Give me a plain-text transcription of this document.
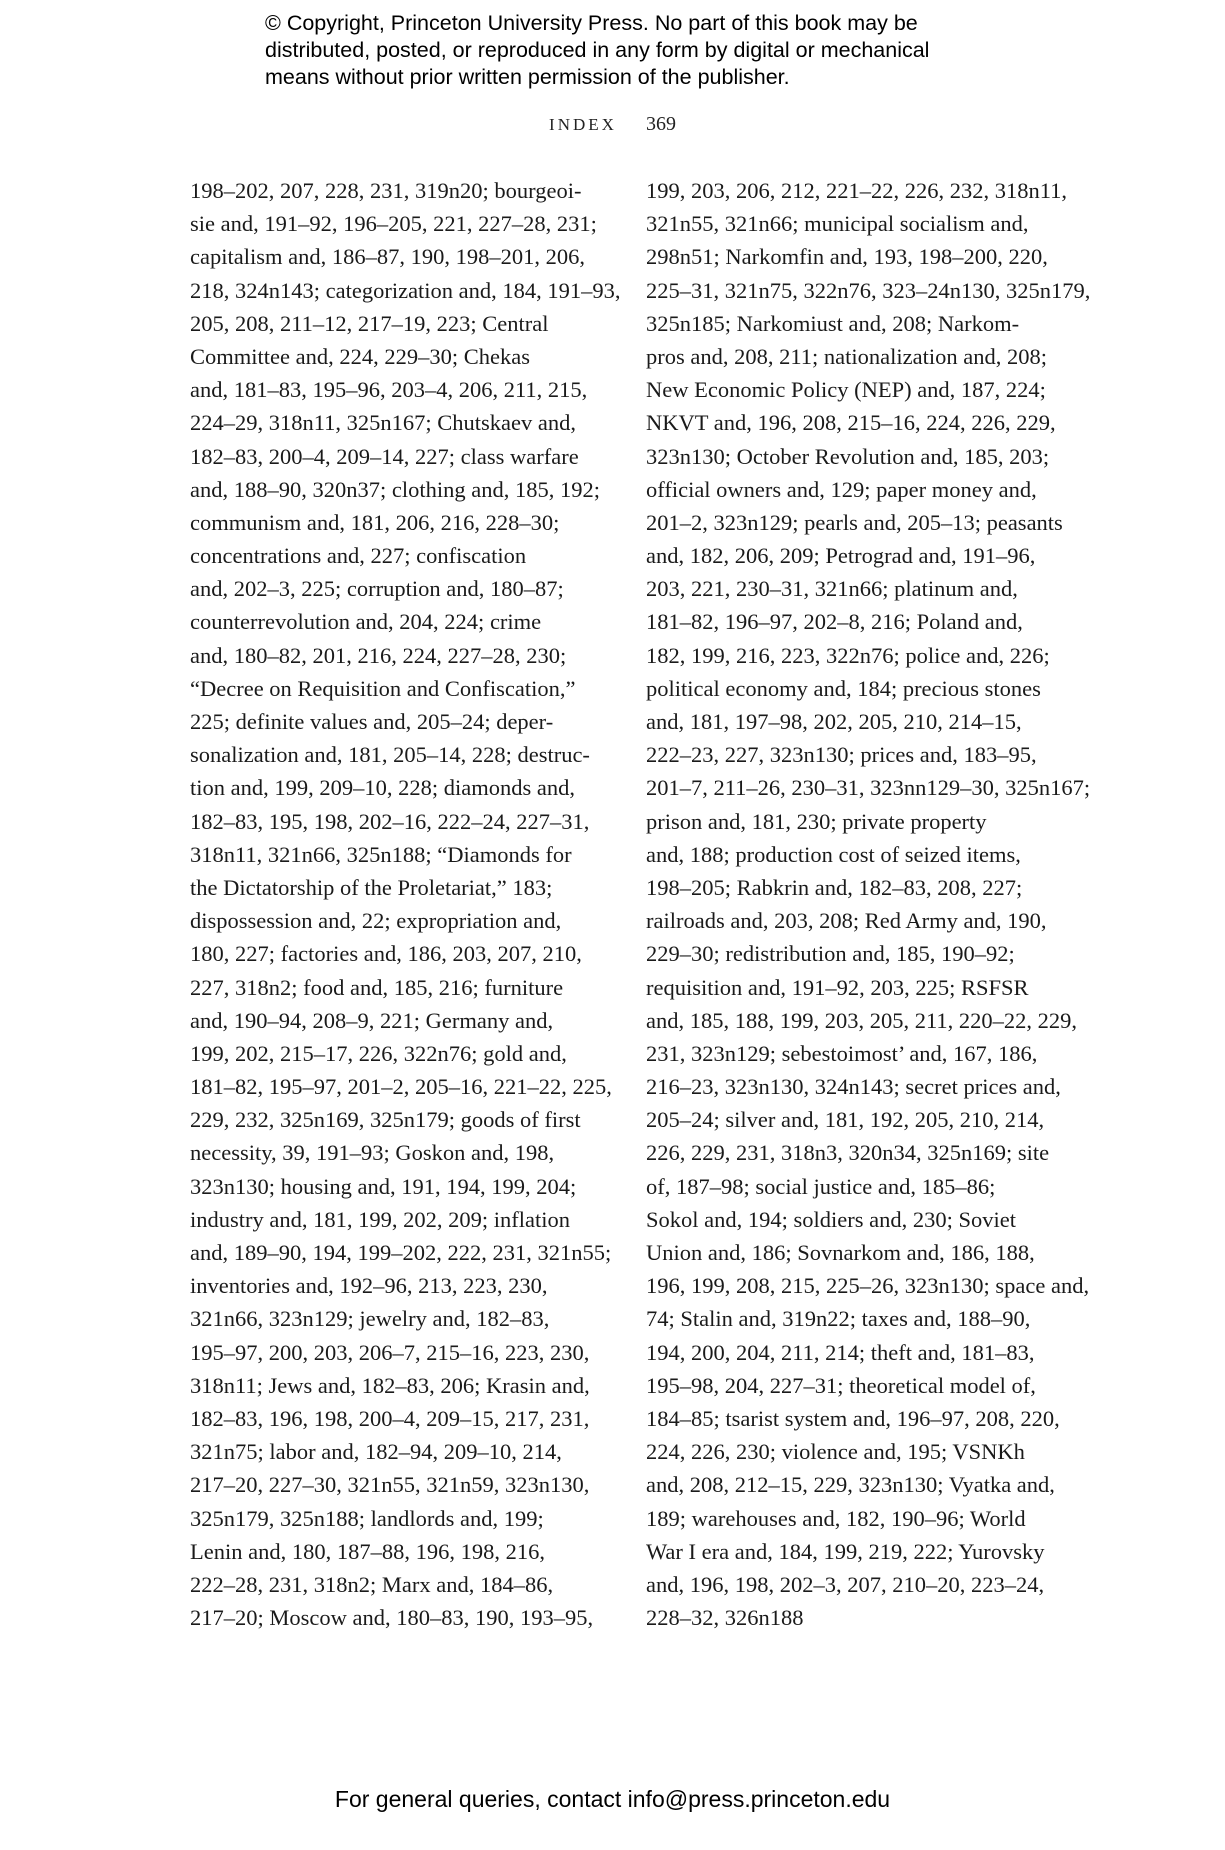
© Copyright, Princeton University Press. No part of this book may be
distributed, posted, or reproduced in any form by digital or mechanical
means without prior written permission of the publisher.
INDEX 369
198–202, 207, 228, 231, 319n20; bourgeoi-
sie and, 191–92, 196–205, 221, 227–28, 231;
capitalism and, 186–87, 190, 198–201, 206,
218, 324n143; categorization and, 184, 191–93,
205, 208, 211–12, 217–19, 223; Central
Committee and, 224, 229–30; Chekas
and, 181–83, 195–96, 203–4, 206, 211, 215,
224–29, 318n11, 325n167; Chutskaev and,
182–83, 200–4, 209–14, 227; class warfare
and, 188–90, 320n37; clothing and, 185, 192;
communism and, 181, 206, 216, 228–30;
concentrations and, 227; confiscation
and, 202–3, 225; corruption and, 180–87;
counterrevolution and, 204, 224; crime
and, 180–82, 201, 216, 224, 227–28, 230;
“Decree on Requisition and Confiscation,”
225; definite values and, 205–24; deper-
sonalization and, 181, 205–14, 228; destruc-
tion and, 199, 209–10, 228; diamonds and,
182–83, 195, 198, 202–16, 222–24, 227–31,
318n11, 321n66, 325n188; “Diamonds for
the Dictatorship of the Proletariat,” 183;
dispossession and, 22; expropriation and,
180, 227; factories and, 186, 203, 207, 210,
227, 318n2; food and, 185, 216; furniture
and, 190–94, 208–9, 221; Germany and,
199, 202, 215–17, 226, 322n76; gold and,
181–82, 195–97, 201–2, 205–16, 221–22, 225,
229, 232, 325n169, 325n179; goods of first
necessity, 39, 191–93; Goskon and, 198,
323n130; housing and, 191, 194, 199, 204;
industry and, 181, 199, 202, 209; inflation
and, 189–90, 194, 199–202, 222, 231, 321n55;
inventories and, 192–96, 213, 223, 230,
321n66, 323n129; jewelry and, 182–83,
195–97, 200, 203, 206–7, 215–16, 223, 230,
318n11; Jews and, 182–83, 206; Krasin and,
182–83, 196, 198, 200–4, 209–15, 217, 231,
321n75; labor and, 182–94, 209–10, 214,
217–20, 227–30, 321n55, 321n59, 323n130,
325n179, 325n188; landlords and, 199;
Lenin and, 180, 187–88, 196, 198, 216,
222–28, 231, 318n2; Marx and, 184–86,
217–20; Moscow and, 180–83, 190, 193–95,
199, 203, 206, 212, 221–22, 226, 232, 318n11,
321n55, 321n66; municipal socialism and,
298n51; Narkomfin and, 193, 198–200, 220,
225–31, 321n75, 322n76, 323–24n130, 325n179,
325n185; Narkomiust and, 208; Narkom-
pros and, 208, 211; nationalization and, 208;
New Economic Policy (NEP) and, 187, 224;
NKVT and, 196, 208, 215–16, 224, 226, 229,
323n130; October Revolution and, 185, 203;
official owners and, 129; paper money and,
201–2, 323n129; pearls and, 205–13; peasants
and, 182, 206, 209; Petrograd and, 191–96,
203, 221, 230–31, 321n66; platinum and,
181–82, 196–97, 202–8, 216; Poland and,
182, 199, 216, 223, 322n76; police and, 226;
political economy and, 184; precious stones
and, 181, 197–98, 202, 205, 210, 214–15,
222–23, 227, 323n130; prices and, 183–95,
201–7, 211–26, 230–31, 323nn129–30, 325n167;
prison and, 181, 230; private property
and, 188; production cost of seized items,
198–205; Rabkrin and, 182–83, 208, 227;
railroads and, 203, 208; Red Army and, 190,
229–30; redistribution and, 185, 190–92;
requisition and, 191–92, 203, 225; RSFSR
and, 185, 188, 199, 203, 205, 211, 220–22, 229,
231, 323n129; sebestoimost’ and, 167, 186,
216–23, 323n130, 324n143; secret prices and,
205–24; silver and, 181, 192, 205, 210, 214,
226, 229, 231, 318n3, 320n34, 325n169; site
of, 187–98; social justice and, 185–86;
Sokol and, 194; soldiers and, 230; Soviet
Union and, 186; Sovnarkom and, 186, 188,
196, 199, 208, 215, 225–26, 323n130; space and,
74; Stalin and, 319n22; taxes and, 188–90,
194, 200, 204, 211, 214; theft and, 181–83,
195–98, 204, 227–31; theoretical model of,
184–85; tsarist system and, 196–97, 208, 220,
224, 226, 230; violence and, 195; VSNKh
and, 208, 212–15, 229, 323n130; Vyatka and,
189; warehouses and, 182, 190–96; World
War I era and, 184, 199, 219, 222; Yurovsky
and, 196, 198, 202–3, 207, 210–20, 223–24,
228–32, 326n188
For general queries, contact info@press.princeton.edu
